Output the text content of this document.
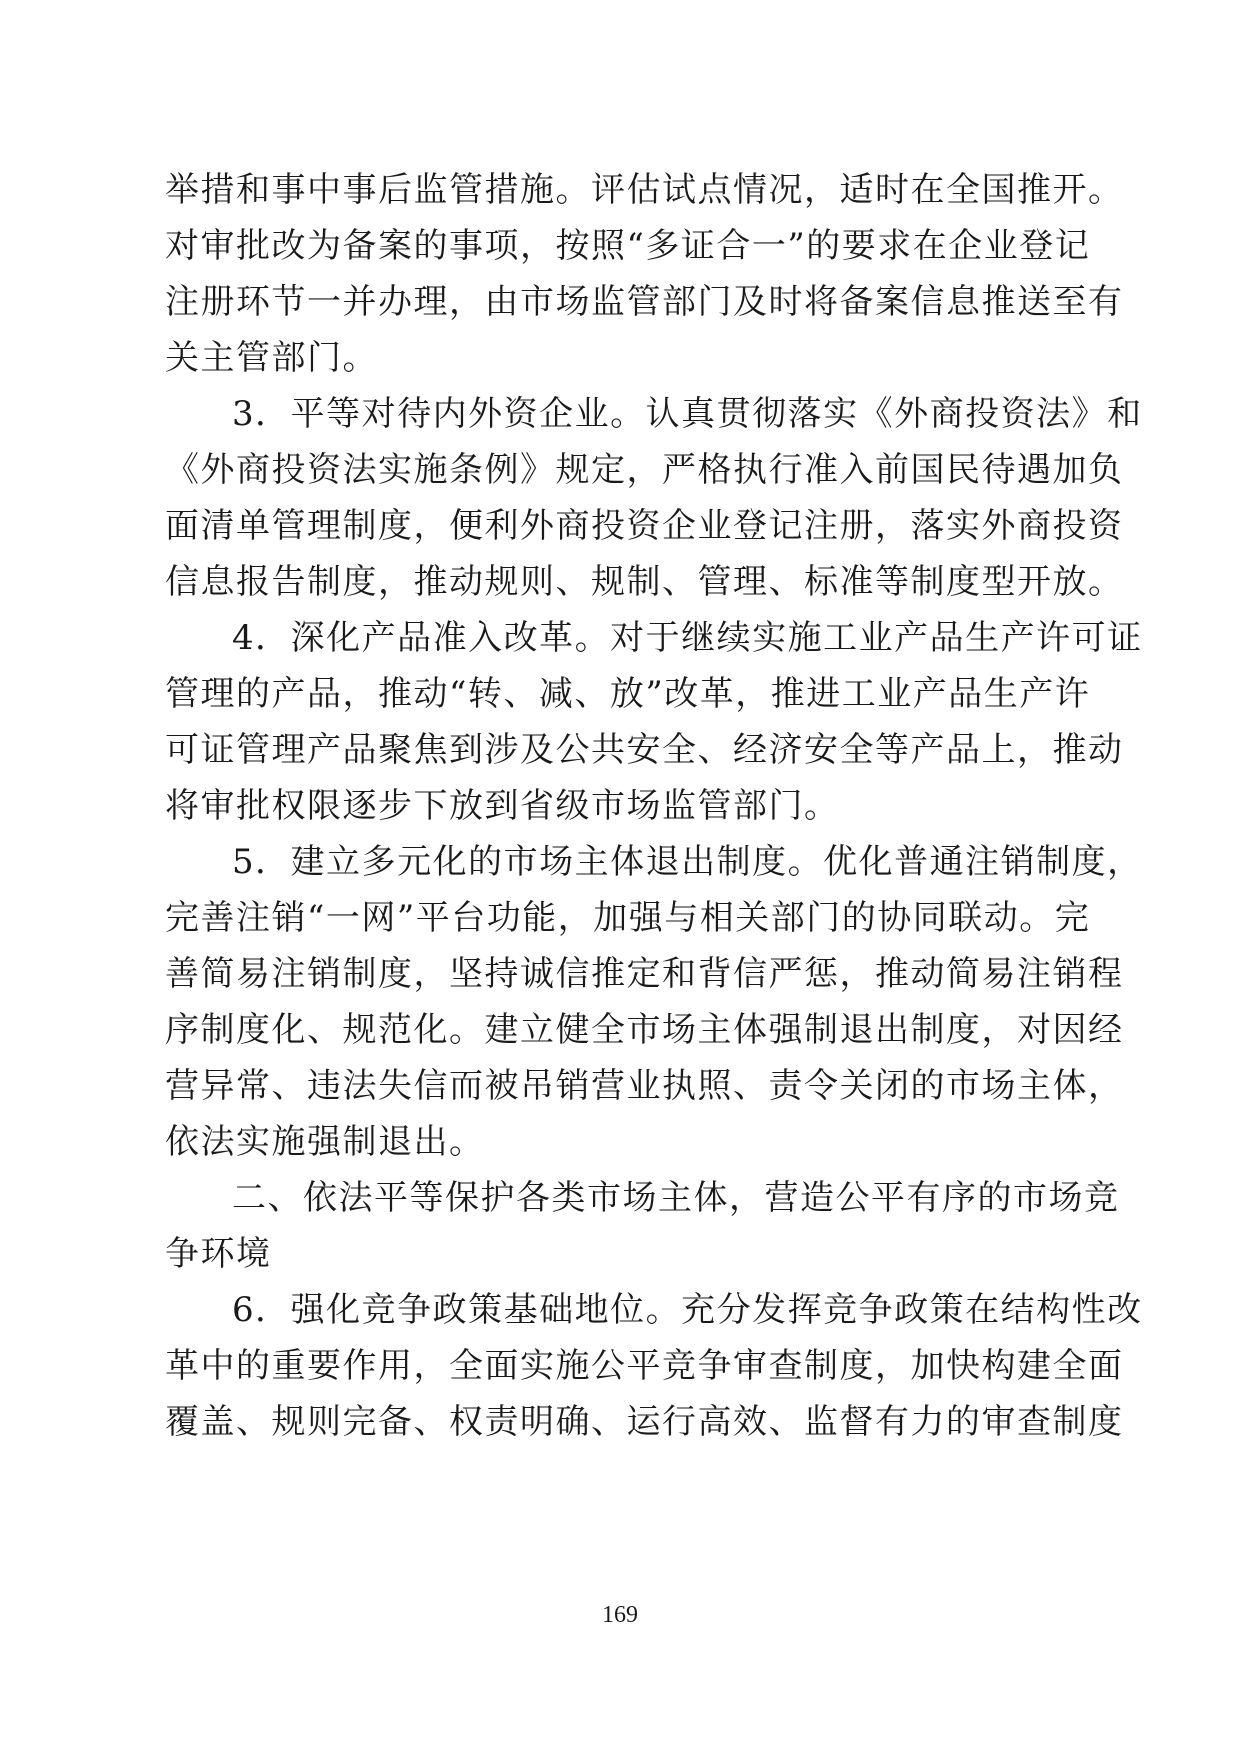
举措和事中事后监管措施。评估试点情况，适时在全国推开。
对审批改为备案的事项，按照“多证合一”的要求在企业登记
注册环节一并办理，由市场监管部门及时将备案信息推送至有
关主管部门。
3．平等对待内外资企业。认真贯彻落实《外商投资法》和
《外商投资法实施条例》规定，严格执行准入前国民待遇加负
面清单管理制度，便利外商投资企业登记注册，落实外商投资
信息报告制度，推动规则、规制、管理、标准等制度型开放。
4．深化产品准入改革。对于继续实施工业产品生产许可证
管理的产品，推动“转、减、放”改革，推进工业产品生产许
可证管理产品聚焦到涉及公共安全、经济安全等产品上，推动
将审批权限逐步下放到省级市场监管部门。
5．建立多元化的市场主体退出制度。优化普通注销制度，
完善注销“一网”平台功能，加强与相关部门的协同联动。完
善简易注销制度，坚持诚信推定和背信严惩，推动简易注销程
序制度化、规范化。建立健全市场主体强制退出制度，对因经
营异常、违法失信而被吊销营业执照、责令关闭的市场主体，
依法实施强制退出。
二、依法平等保护各类市场主体，营造公平有序的市场竞
争环境
6．强化竞争政策基础地位。充分发挥竞争政策在结构性改
革中的重要作用，全面实施公平竞争审查制度，加快构建全面
覆盖、规则完备、权责明确、运行高效、监督有力的审查制度
169
